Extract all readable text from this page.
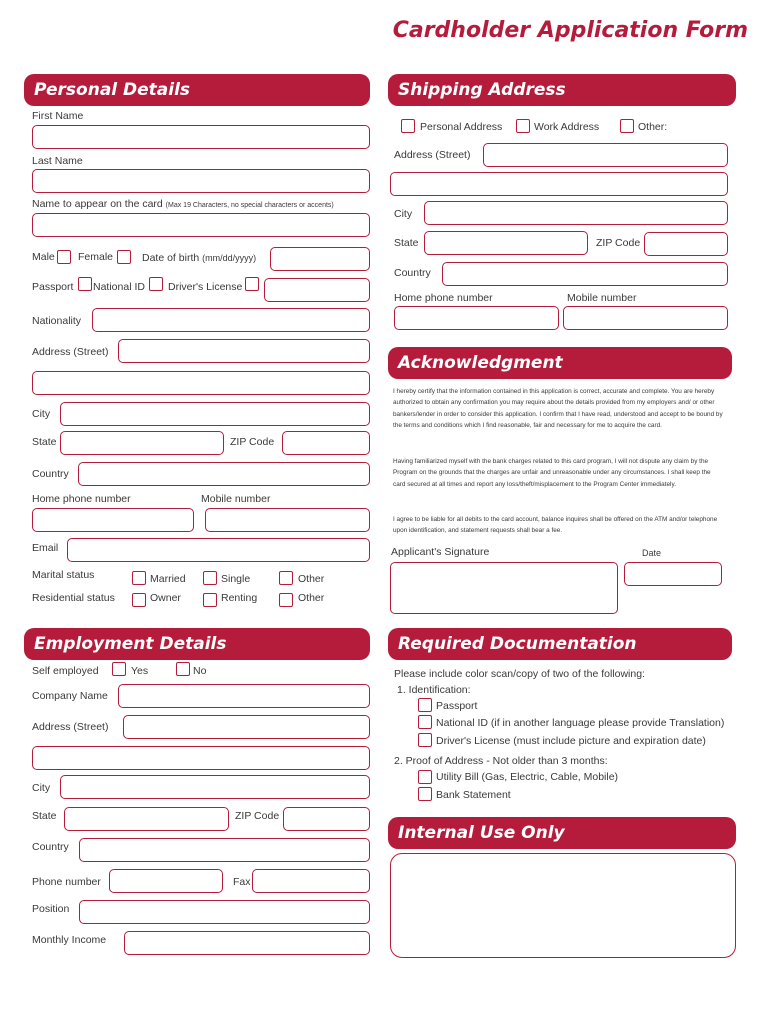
Cardholder Application Form
Personal Details
First Name
Last Name
Name to appear on the card (Max 19 Characters, no special characters or accents)
Male Female	Date of birth (mm/dd/yyyy)
Passport National ID Driver's License
Nationality
Address (Street)
City
State	ZIP Code
Country
Home phone number	Mobile number
Email
Marital status	Married	Single	Other
Residential status	Owner	Renting	Other
Shipping Address
Personal Address	Work Address	Other:
Address (Street)
City
State	ZIP Code
Country
Home phone number	Mobile number
Acknowledgment
I hereby certify that the information contained in this application is correct, accurate and complete. You are hereby authorized to obtain any confirmation you may require about the details provided from my employers and/ or other bankers/lender in order to consider this application. I confirm that I have read, understood and accept to be bound by the terms and conditions which I find reasonable, fair and necessary for me to acquire the card.
Having familiarized myself with the bank charges related to this card program, I will not dispute any claim by the Program on the grounds that the charges are unfair and unreasonable under any circumstances. I shall keep the card secured at all times and report any loss/theft/misplacement to the Program Center immediately.
I agree to be liable for all debits to the card account, balance inquires shall be offered on the ATM and/or telephone upon identification, and statement requests shall bear a fee.
Applicant's Signature	Date
Employment Details
Self employed	Yes	No
Company Name
Address (Street)
City
State	ZIP Code
Country
Phone number	Fax
Position
Monthly Income
Required Documentation
Please include color scan/copy of two of the following:
1. Identification:
Passport
National ID (if in another language please provide Translation)
Driver's License (must include picture and expiration date)
2. Proof of Address - Not older than 3 months:
Utility Bill (Gas, Electric, Cable, Mobile)
Bank Statement
Internal Use Only
